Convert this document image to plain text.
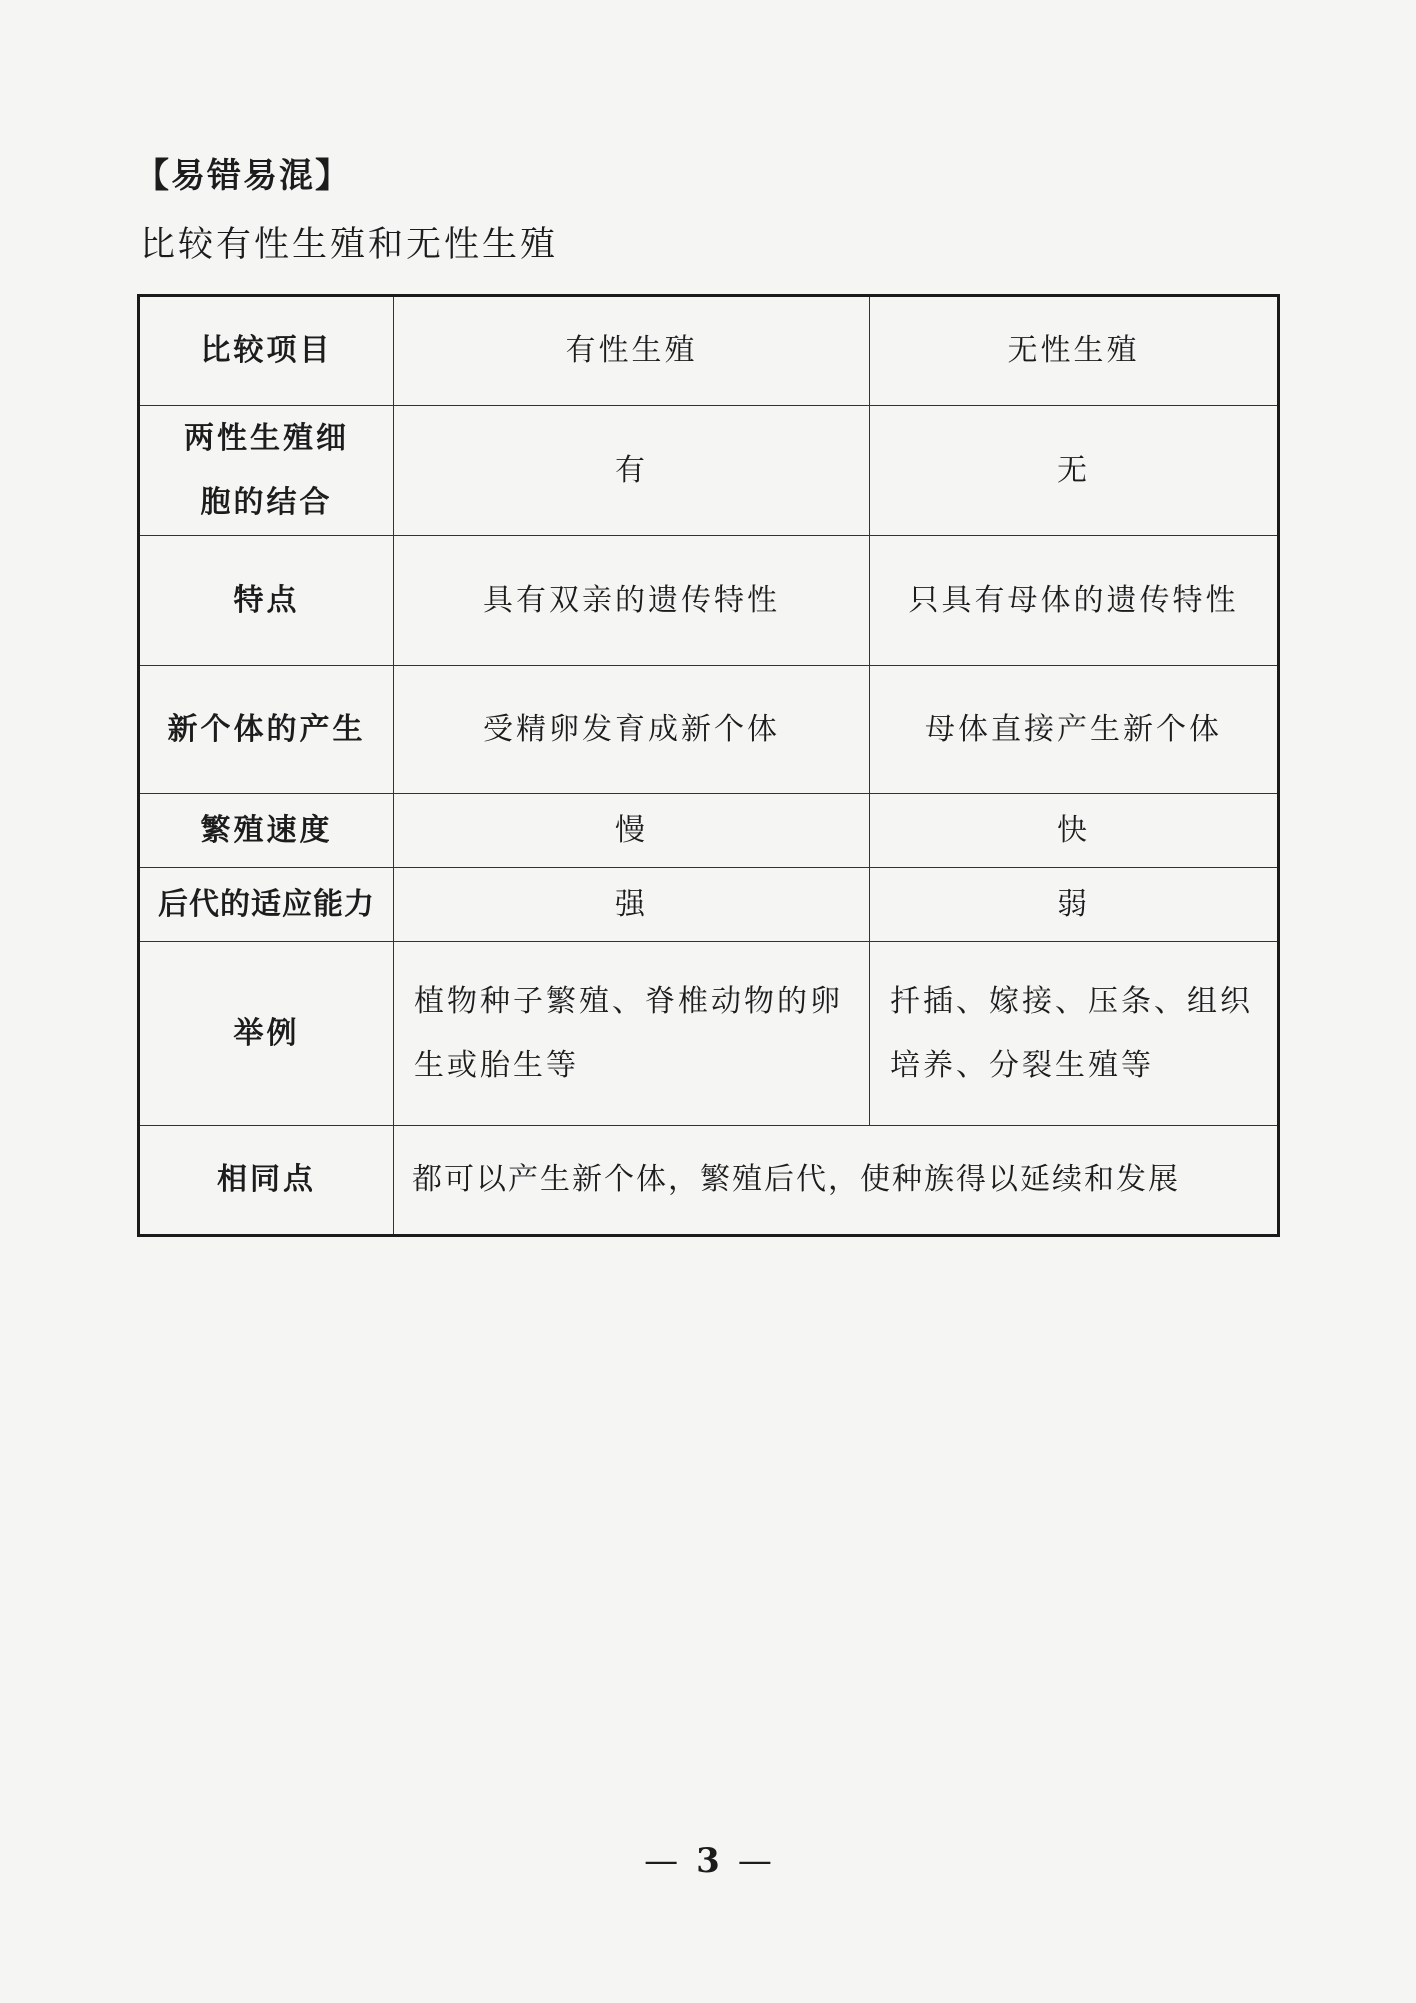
【易错易混】
比较有性生殖和无性生殖
比较项目	有性生殖	无性生殖
两性生殖细胞的结合	有	无
特点	具有双亲的遗传特性	只具有母体的遗传特性
新个体的产生	受精卵发育成新个体	母体直接产生新个体
繁殖速度	慢	快
后代的适应能力	强	弱
举例	植物种子繁殖、脊椎动物的卵生或胎生等	扦插、嫁接、压条、组织培养、分裂生殖等
相同点	都可以产生新个体，繁殖后代，使种族得以延续和发展	
— 3 —
